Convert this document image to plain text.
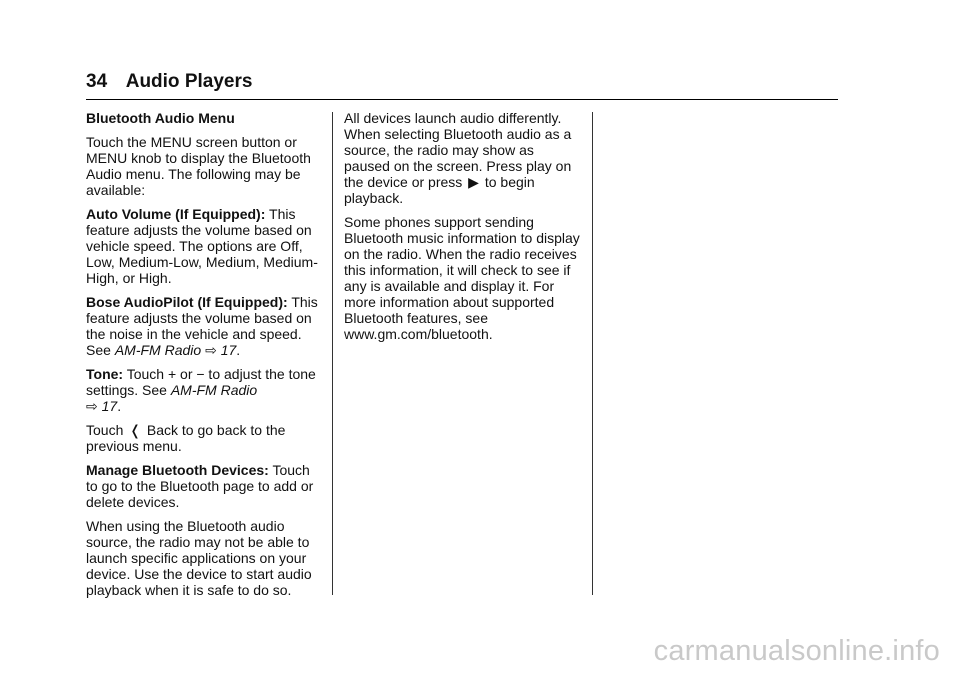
34 Audio Players

Bluetooth Audio Menu

Touch the MENU screen button or MENU knob to display the Bluetooth Audio menu. The following may be available:

Auto Volume (If Equipped): This feature adjusts the volume based on vehicle speed. The options are Off, Low, Medium-Low, Medium, Medium-High, or High.

Bose AudioPilot (If Equipped): This feature adjusts the volume based on the noise in the vehicle and speed. See AM-FM Radio ⇨ 17.

Tone: Touch + or − to adjust the tone settings. See AM-FM Radio
⇨ 17.

Touch ❬ Back to go back to the previous menu.

Manage Bluetooth Devices: Touch to go to the Bluetooth page to add or delete devices.

When using the Bluetooth audio source, the radio may not be able to launch specific applications on your device. Use the device to start audio playback when it is safe to do so.

All devices launch audio differently. When selecting Bluetooth audio as a source, the radio may show as paused on the screen. Press play on the device or press ▶ to begin playback.

Some phones support sending Bluetooth music information to display on the radio. When the radio receives this information, it will check to see if any is available and display it. For more information about supported Bluetooth features, see www.gm.com/bluetooth.

carmanualsonline.info
